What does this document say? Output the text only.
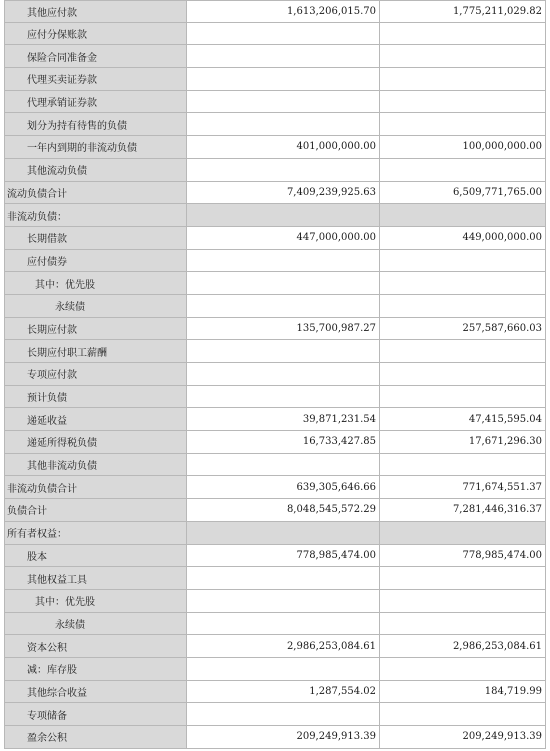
其他应付款	1,613,206,015.70	1,775,211,029.82
应付分保账款
保险合同准备金
代理买卖证券款
代理承销证券款
划分为持有待售的负债
一年内到期的非流动负债	401,000,000.00	100,000,000.00
其他流动负债
流动负债合计	7,409,239,925.63	6,509,771,765.00
非流动负债：
长期借款	447,000,000.00	449,000,000.00
应付债券
其中：优先股
永续债
长期应付款	135,700,987.27	257,587,660.03
长期应付职工薪酬
专项应付款
预计负债
递延收益	39,871,231.54	47,415,595.04
递延所得税负债	16,733,427.85	17,671,296.30
其他非流动负债
非流动负债合计	639,305,646.66	771,674,551.37
负债合计	8,048,545,572.29	7,281,446,316.37
所有者权益：
股本	778,985,474.00	778,985,474.00
其他权益工具
其中：优先股
永续债
资本公积	2,986,253,084.61	2,986,253,084.61
减：库存股
其他综合收益	1,287,554.02	184,719.99
专项储备
盈余公积	209,249,913.39	209,249,913.39
